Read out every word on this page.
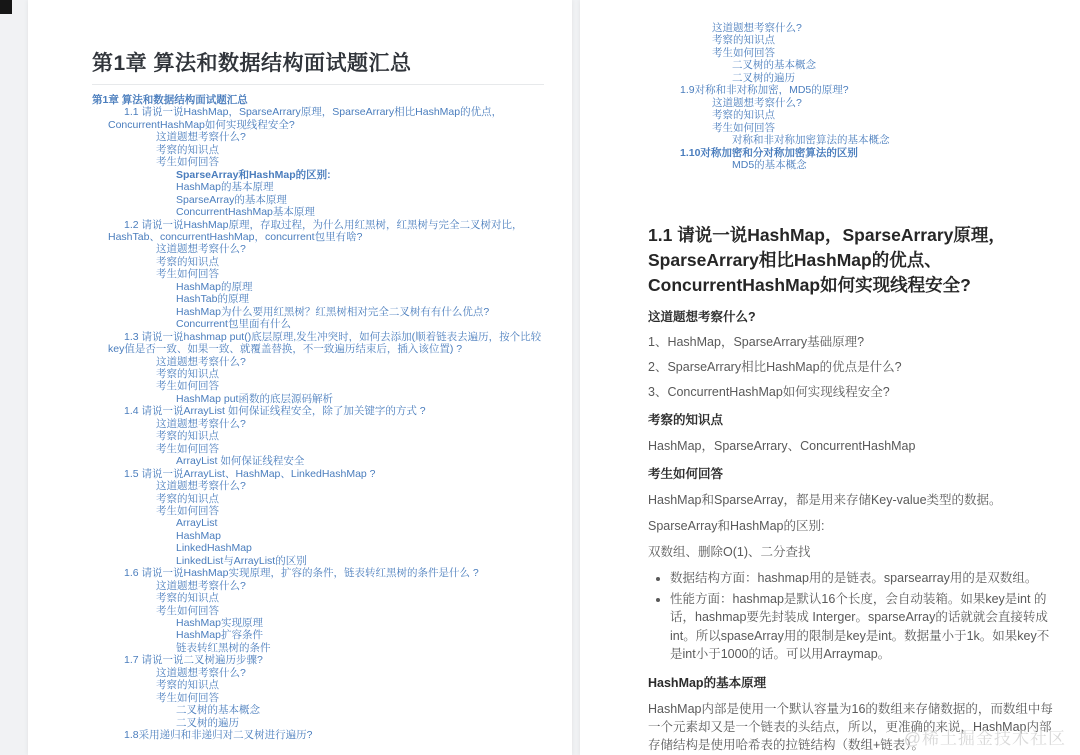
第1章 算法和数据结构面试题汇总
第1章 算法和数据结构面试题汇总
1.1 请说一说HashMap，SparseArrary原理，SparseArrary相比HashMap的优点，ConcurrentHashMap如何实现线程安全?
这道题想考察什么?
考察的知识点
考生如何回答
SparseArray和HashMap的区别:
HashMap的基本原理
SparseArray的基本原理
ConcurrentHashMap基本原理
1.2 请说一说HashMap原理，存取过程，为什么用红黑树，红黑树与完全二叉树对比，HashTab、concurrentHashMap，concurrent包里有啥?
这道题想考察什么?
考察的知识点
考生如何回答
HashMap的原理
HashTab的原理
HashMap为什么要用红黑树？红黑树相对完全二叉树有有什么优点?
Concurrent包里面有什么
1.3 请说一说hashmap put()底层原理,发生冲突时，如何去添加(顺着链表去遍历，按个比较key值是否一致、如果一致、就覆盖替换，不一致遍历结束后，插入该位置) ?
这道题想考察什么?
考察的知识点
考生如何回答
HashMap put函数的底层源码解析
1.4 请说一说ArrayList 如何保证线程安全，除了加关键字的方式 ?
这道题想考察什么?
考察的知识点
考生如何回答
ArrayList 如何保证线程安全
1.5 请说一说ArrayList、HashMap、LinkedHashMap ?
这道题想考察什么?
考察的知识点
考生如何回答
ArrayList
HashMap
LinkedHashMap
LinkedList与ArrayList的区别
1.6 请说一说HashMap实现原理，扩容的条件，链表转红黑树的条件是什么 ?
这道题想考察什么?
考察的知识点
考生如何回答
HashMap实现原理
HashMap扩容条件
链表转红黑树的条件
1.7 请说一说二叉树遍历步骤?
这道题想考察什么?
考察的知识点
考生如何回答
二叉树的基本概念
二叉树的遍历
1.8采用递归和非递归对二叉树进行遍历?
这道题想考察什么?
考察的知识点
考生如何回答
二叉树的基本概念
二叉树的遍历
1.9对称和非对称加密，MD5的原理?
这道题想考察什么?
考察的知识点
考生如何回答
对称和非对称加密算法的基本概念
1.10对称加密和分对称加密算法的区别
MD5的基本概念
1.1 请说一说HashMap，SparseArrary原理，SparseArrary相比HashMap的优点、ConcurrentHashMap如何实现线程安全?

这道题想考察什么?

1、HashMap，SparseArrary基础原理?

2、SparseArrary相比HashMap的优点是什么?

3、ConcurrentHashMap如何实现线程安全?

考察的知识点

HashMap，SparseArrary、ConcurrentHashMap

考生如何回答

HashMap和SparseArray，都是用来存储Key-value类型的数据。

SparseArray和HashMap的区别:

双数组、删除O(1)、二分查找

• 数据结构方面：hashmap用的是链表。sparsearray用的是双数组。
• 性能方面：hashmap是默认16个长度，会自动装箱。如果key是int 的话，hashmap要先封装成 Interger。sparseArray的话就就会直接转成int。所以spaseArray用的限制是key是int。数据量小于1k。如果key不是int小于1000的话。可以用Arraymap。

HashMap的基本原理

HashMap内部是使用一个默认容量为16的数组来存储数据的，而数组中每一个元素却又是一个链表的头结点，所以，更准确的来说，HashMap内部存储结构是使用哈希表的拉链结构（数组+链表）。

@稀土掘金技术社区
